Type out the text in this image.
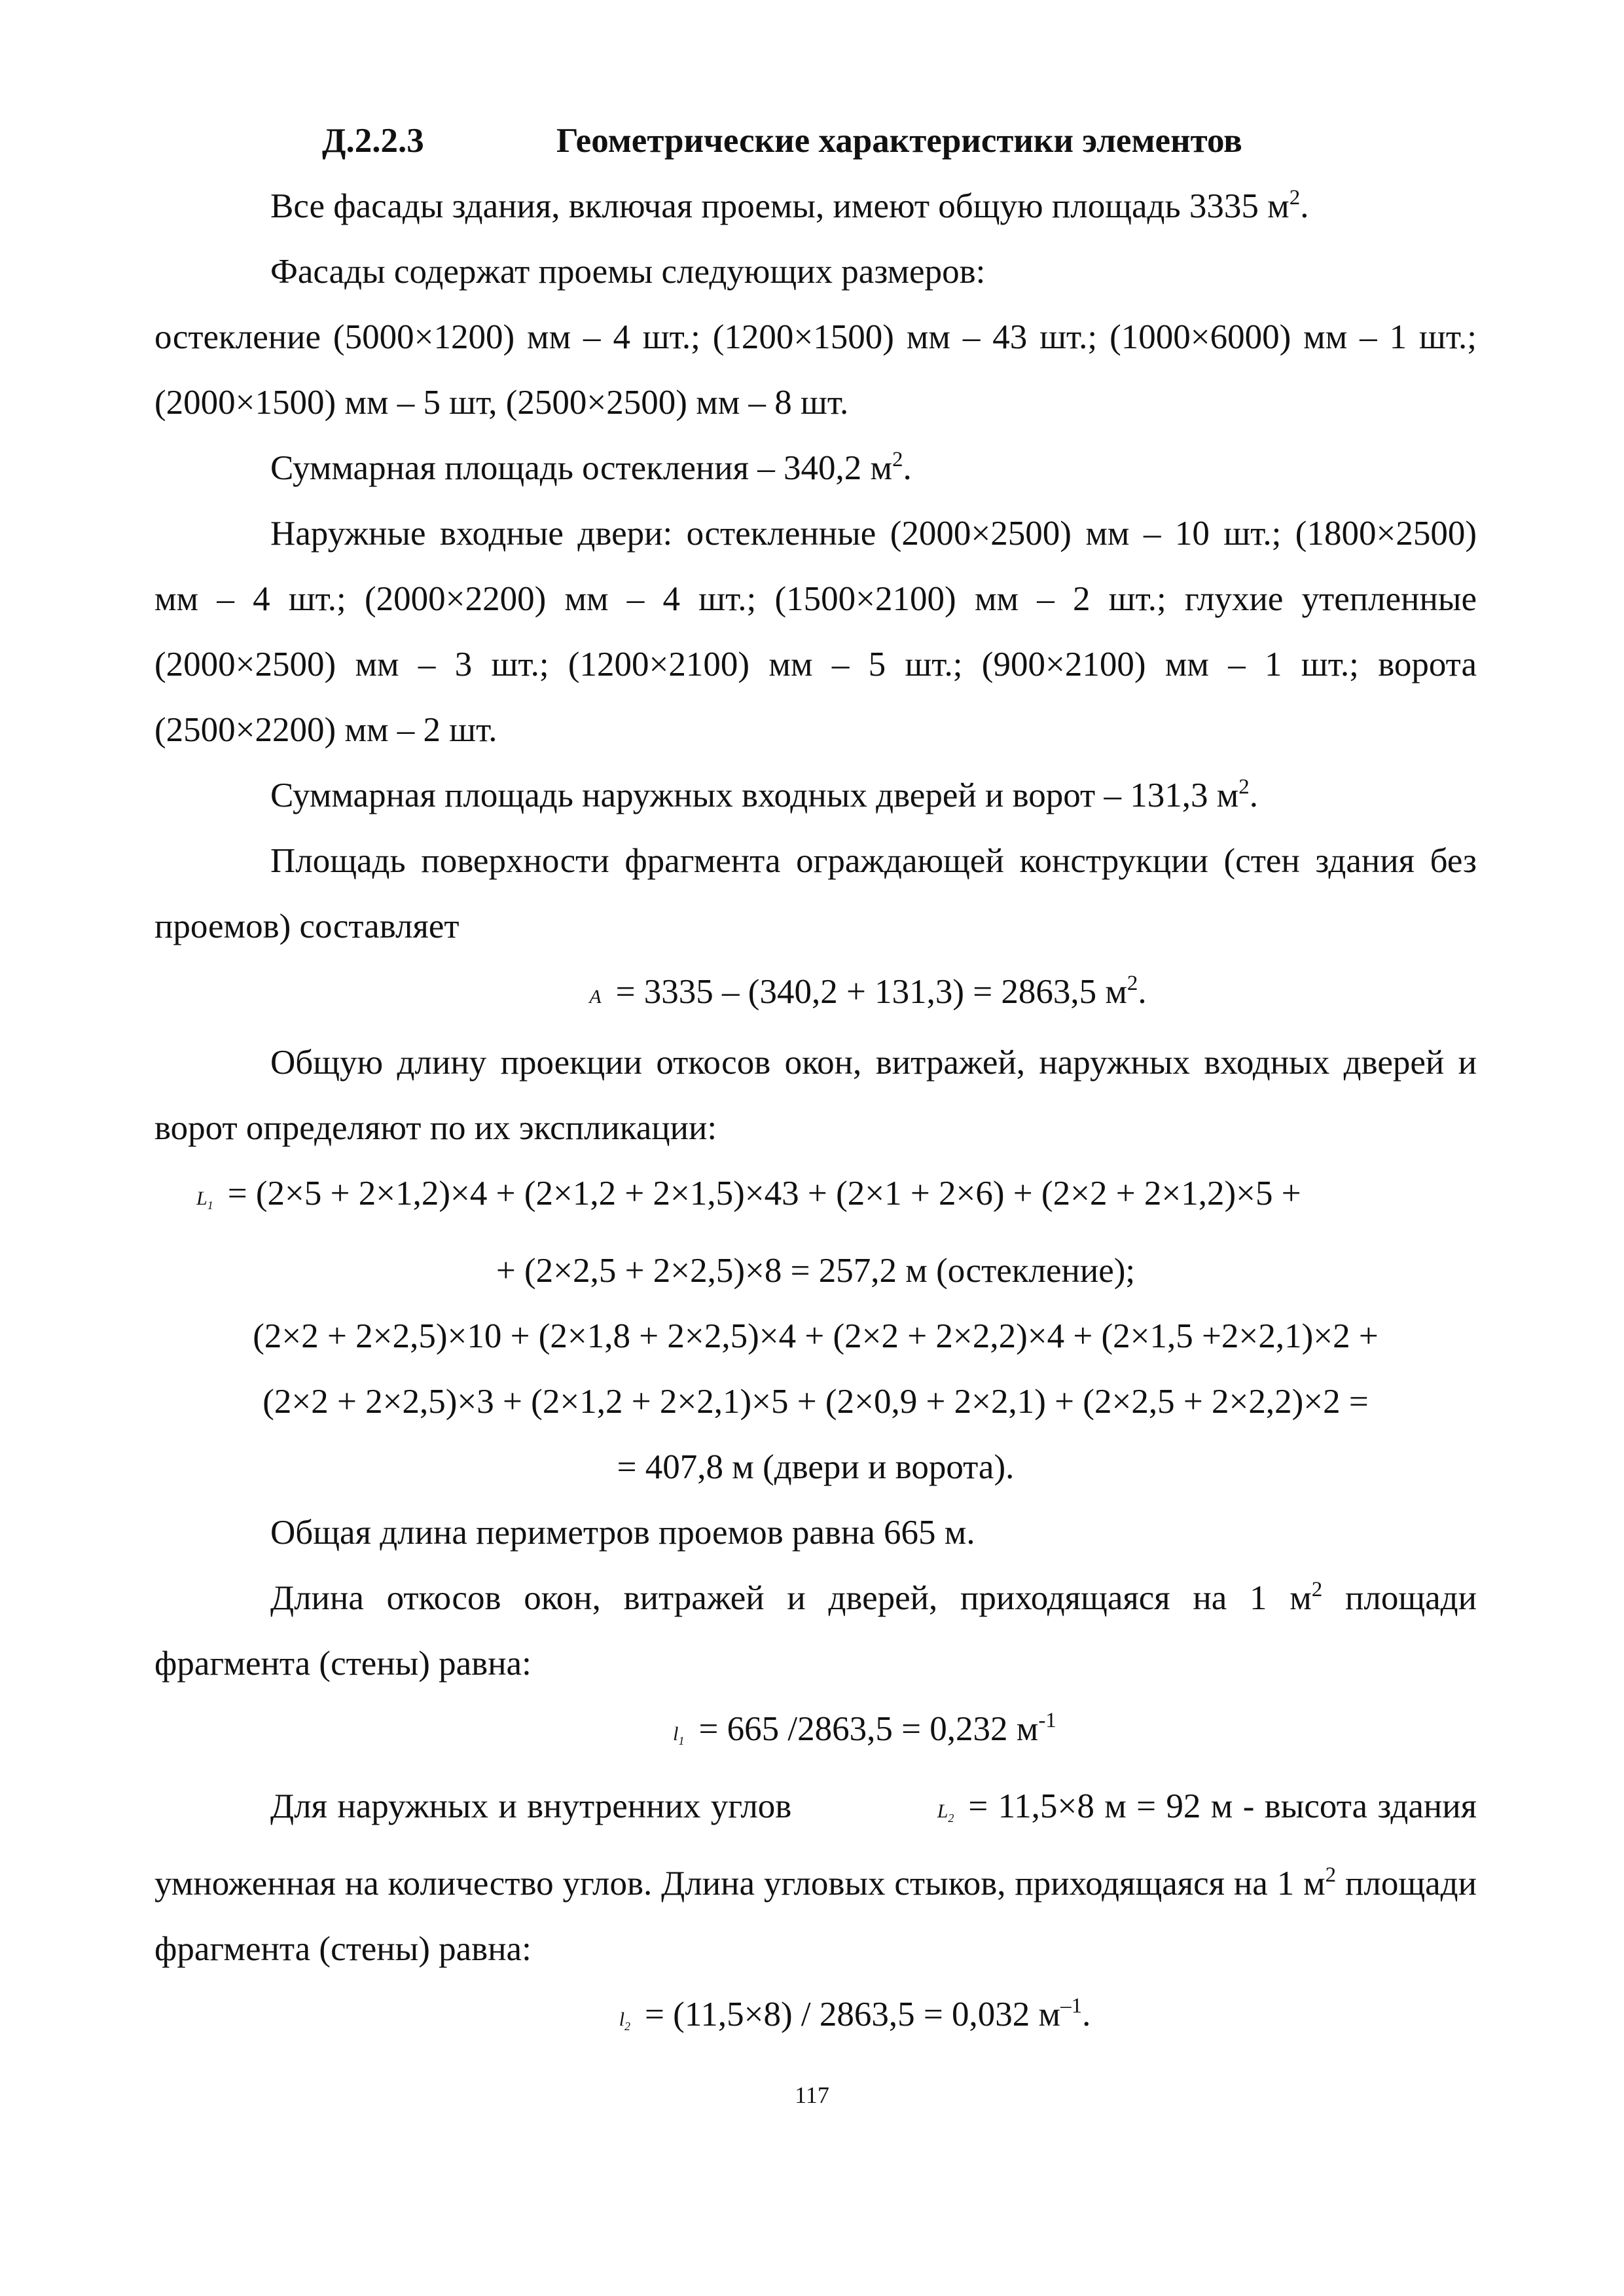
Д.2.2.3	Геометрические характеристики элементов

Все фасады здания, включая проемы, имеют общую площадь 3335 $м^2$.

Фасады содержат проемы следующих размеров:

остекление (5000×1200) мм – 4 шт.; (1200×1500) мм – 43 шт.; (1000×6000) мм – 1 шт.; (2000×1500) мм – 5 шт, (2500×2500) мм – 8 шт.

Суммарная площадь остекления – 340,2 $м^2$.

Наружные входные двери: остекленные (2000×2500) мм – 10 шт.; (1800×2500) мм – 4 шт.; (2000×2200) мм – 4 шт.; (1500×2100) мм – 2 шт.; глухие утепленные (2000×2500) мм – 3 шт.; (1200×2100) мм – 5 шт.; (900×2100) мм – 1 шт.; ворота (2500×2200) мм – 2 шт.

Суммарная площадь наружных входных дверей и ворот – 131,3 $м^2$.

Площадь поверхности фрагмента ограждающей конструкции (стен здания без проемов) составляет

A = 3335 – (340,2 + 131,3) = 2863,5 $м^2$.

Общую длину проекции откосов окон, витражей, наружных входных дверей и ворот определяют по их экспликации:

$L_1 = (2\times 5 + 2\times 1,2)\times 4 + (2\times 1,2 + 2\times 1,5)\times 43 + (2\times 1 + 2\times 6) + (2\times 2 + 2\times 1,2)\times 5$ +

+ (2×2,5 + 2×2,5)×8 = 257,2 м (остекление);

(2×2 + 2×2,5)×10 + (2×1,8 + 2×2,5)×4 + (2×2 + 2×2,2)×4 + (2×1,5 +2×2,1)×2 +

(2×2 + 2×2,5)×3 + (2×1,2 + 2×2,1)×5 + (2×0,9 + 2×2,1) + (2×2,5 + 2×2,2)×2 =

= 407,8 м (двери и ворота).

Общая длина периметров проемов равна 665 м.

Длина откосов окон, витражей и дверей, приходящаяся на 1 $м^2$ площади фрагмента (стены) равна:

$l_1 = 665$ /2863,5 = 0,232 $м^{-1}$

Для наружных и внутренних углов	$L_2 = 11,5\times 8$ м = 92 м - высота здания умноженная на количество углов. Длина угловых стыков, приходящаяся на 1 $м^2$ площади фрагмента (стены) равна:

$l_2 = (11,5\times 8) / 2863,5 = 0,032$ $м^{-1}$.

117
